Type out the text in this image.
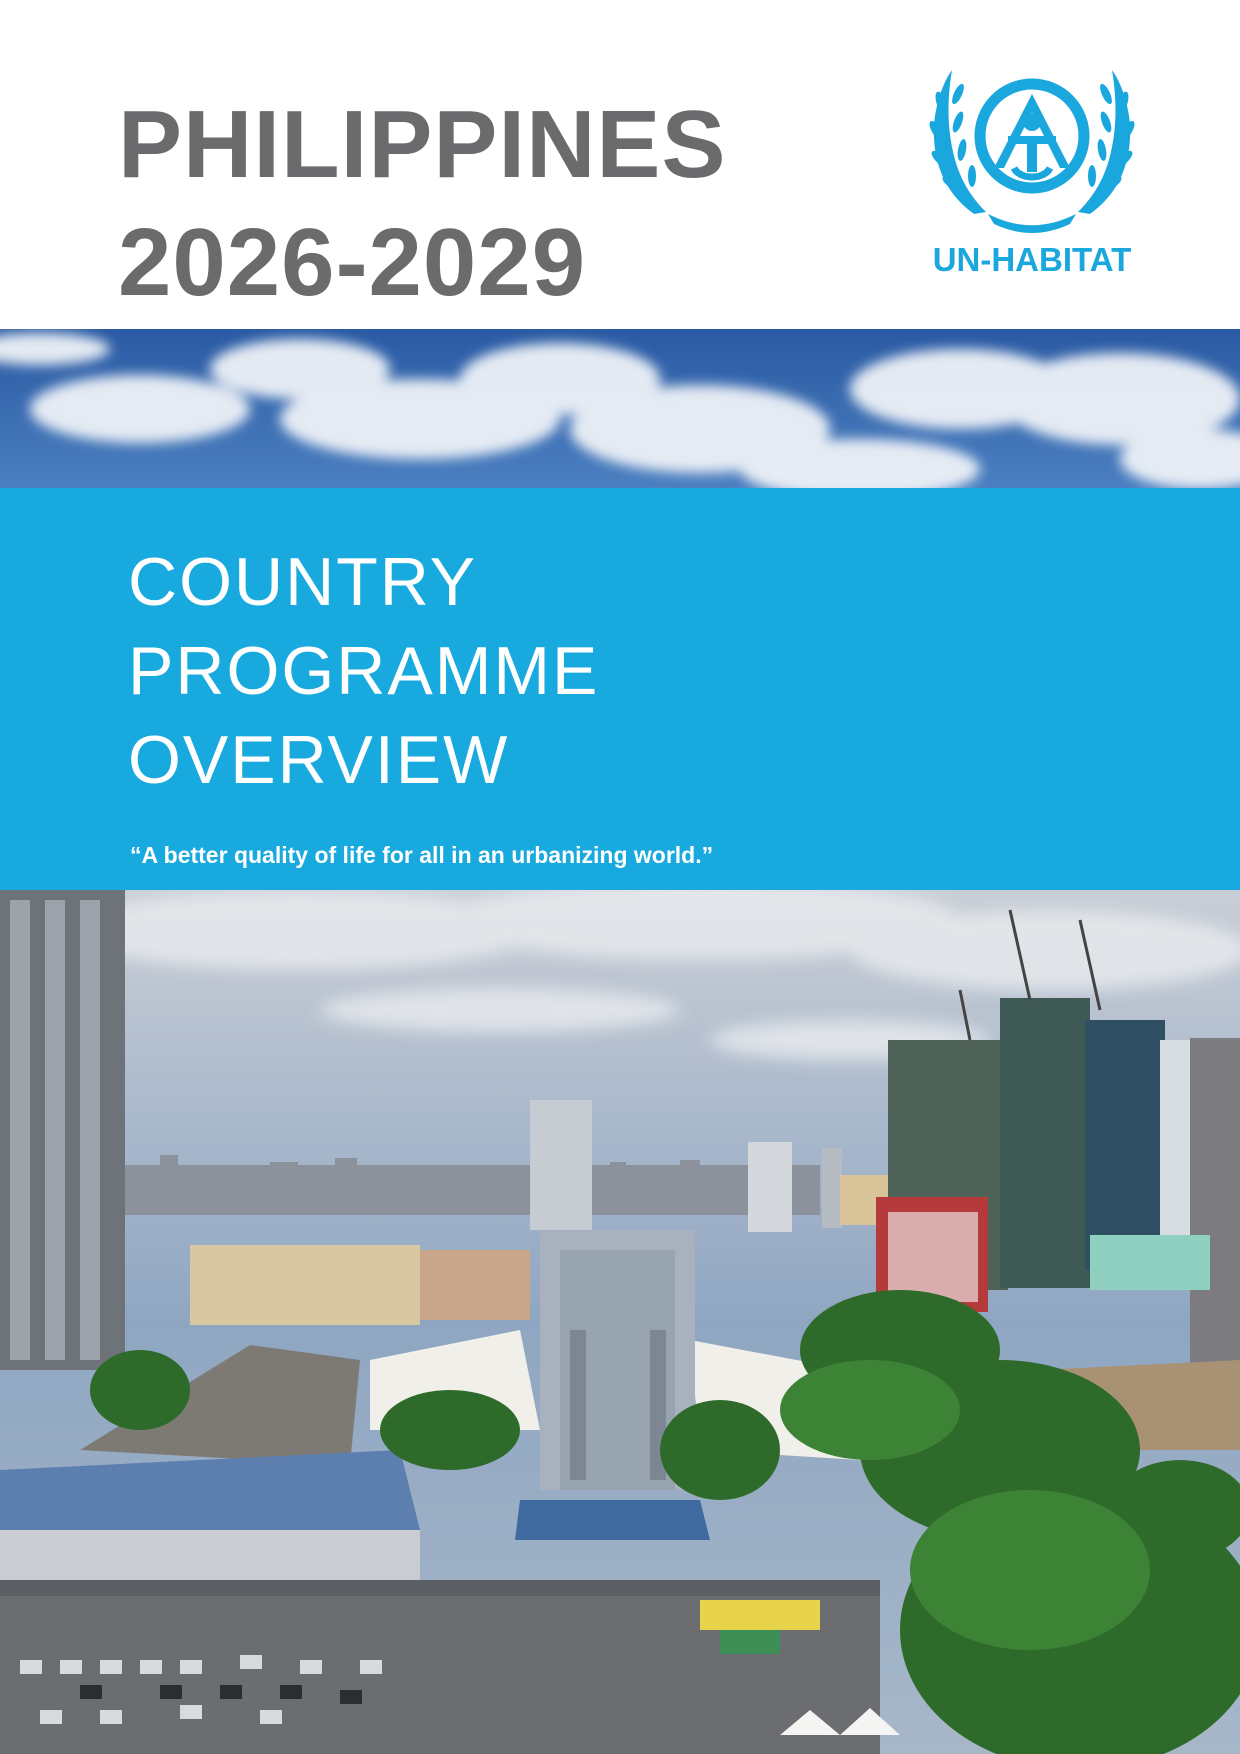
PHILIPPINES
2026-2029	UN-HABITAT
COUNTRY
PROGRAMME
OVERVIEW
“A better quality of life for all in an urbanizing world.”
